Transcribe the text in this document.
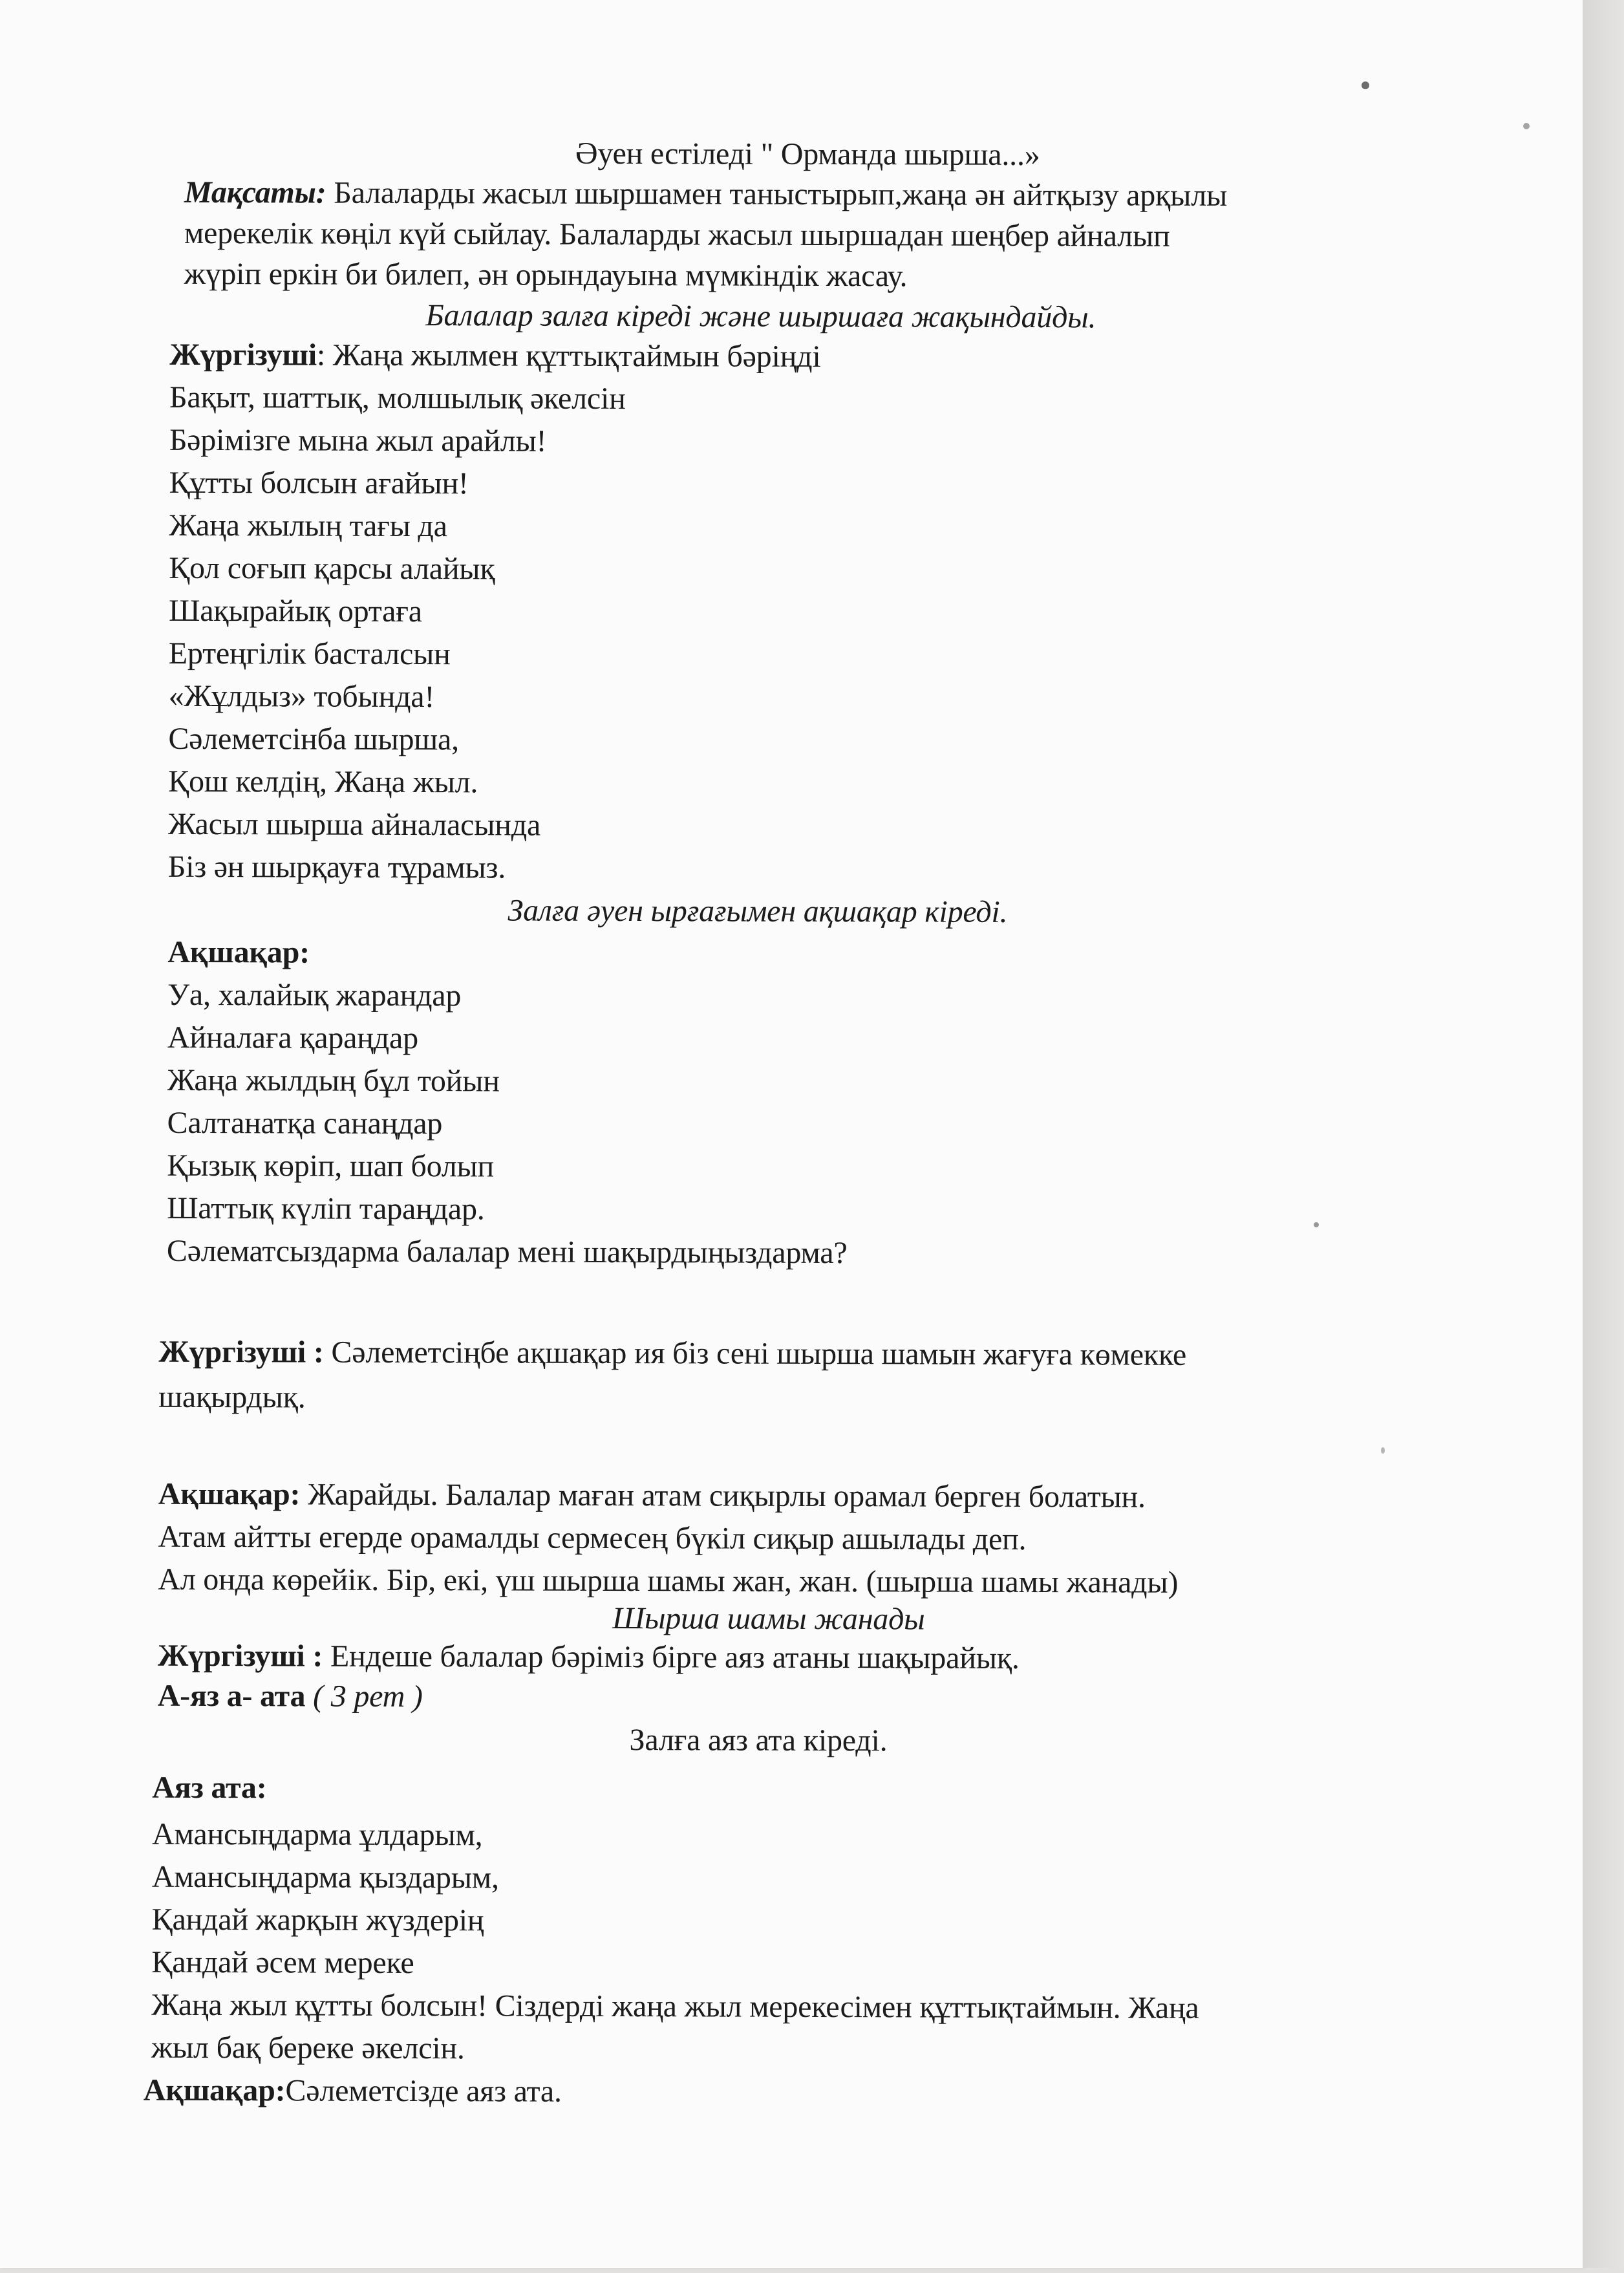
Әуен естіледі " Орманда шырша...»
Мақсаты: Балаларды жасыл шыршамен таныстырып,жаңа ән айтқызу арқылы
мерекелік көңіл күй сыйлау. Балаларды жасыл шыршадан шеңбер айналып
жүріп еркін би билеп, ән орындауына мүмкіндік жасау.
Балалар залға кіреді және шыршаға жақындайды.
Жүргізуші: Жаңа жылмен құттықтаймын бәріңді
Бақыт, шаттық, молшылық әкелсін
Бәрімізге мына жыл арайлы!
Құтты болсын ағайын!
Жаңа жылың тағы да
Қол соғып қарсы алайық
Шақырайық ортаға
Ертеңгілік басталсын
«Жұлдыз» тобында!
Сәлеметсінба шырша,
Қош келдің, Жаңа жыл.
Жасыл шырша айналасында
Біз ән шырқауға тұрамыз.
Залға әуен ырғағымен ақшақар кіреді.
Ақшақар:
Уа, халайық жарандар
Айналаға қараңдар
Жаңа жылдың бұл тойын
Салтанатқа санаңдар
Қызық көріп, шап болып
Шаттық күліп тараңдар.
Сәлематсыздарма балалар мені шақырдыңыздарма?
Жүргізуші : Сәлеметсіңбе ақшақар ия біз сені шырша шамын жағуға көмекке
шақырдық.
Ақшақар: Жарайды. Балалар маған атам сиқырлы орамал берген болатын.
Атам айтты егерде орамалды сермесең бүкіл сиқыр ашылады деп.
Ал онда көрейік. Бір, екі, үш шырша шамы жан, жан. (шырша шамы жанады)
Шырша шамы жанады
Жүргізуші : Ендеше балалар бәріміз бірге аяз атаны шақырайық.
А-яз а- ата ( 3 рет )
Залға аяз ата кіреді.
Аяз ата:
Амансыңдарма ұлдарым,
Амансыңдарма қыздарым,
Қандай жарқын жүздерің
Қандай әсем мереке
Жаңа жыл құтты болсын! Сіздерді жаңа жыл мерекесімен құттықтаймын. Жаңа
жыл бақ береке әкелсін.
Ақшақар:Сәлеметсізде аяз ата.
